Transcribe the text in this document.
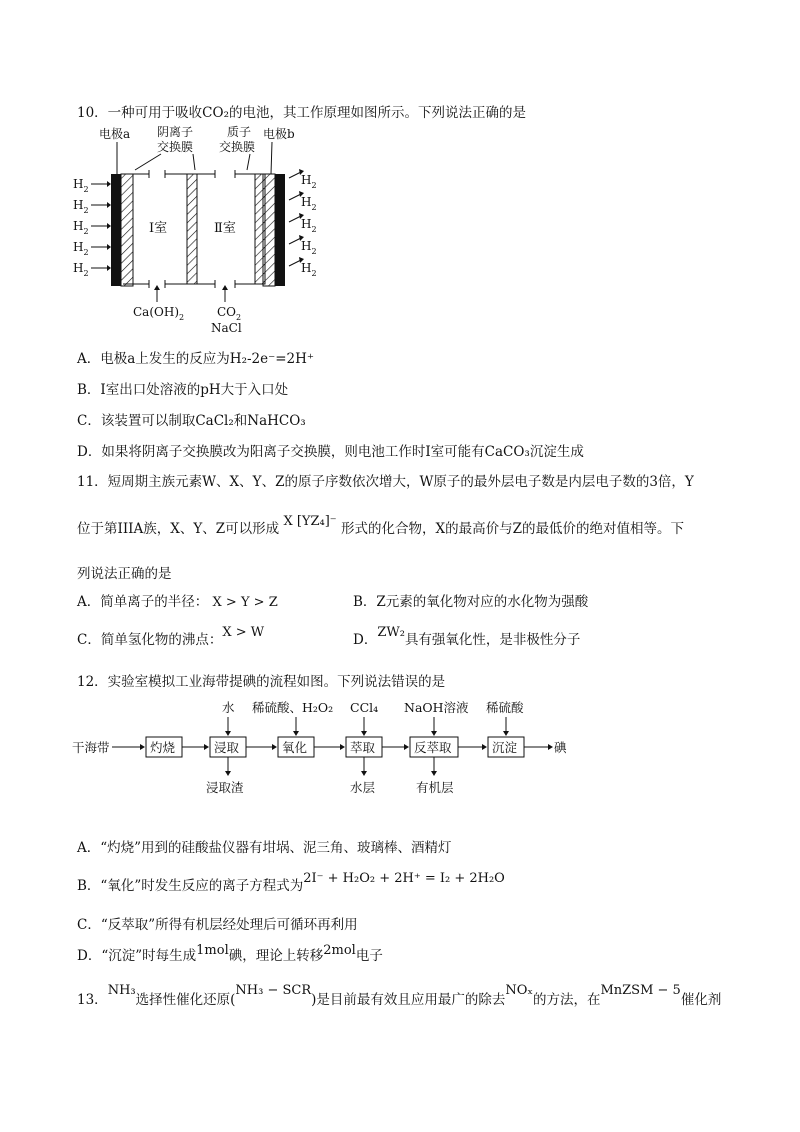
10．一种可用于吸收CO₂的电池，其工作原理如图所示。下列说法正确的是
电极a 阴离子
交换膜
质子
交换膜
电极b
Ⅰ室	Ⅱ室
$H_2$
$H_2$
$H_2$
$H_2$
$H_2$
$H_2$
$H_2$
$H_2$
$H_2$
$H_2$
$Ca(OH)_2$	$CO_2$
NaCl
A．电极a上发生的反应为H₂-2e⁻=2H⁺
B．Ⅰ室出口处溶液的pH大于入口处
C．该装置可以制取CaCl₂和NaHCO₃
D．如果将阴离子交换膜改为阳离子交换膜，则电池工作时Ⅰ室可能有CaCO₃沉淀生成
11．短周期主族元素W、X、Y、Z的原子序数依次增大，W原子的最外层电子数是内层电子数的3倍，Y
位于第IIIA族，X、Y、Z可以形成 X [YZ₄]⁻ 形式的化合物，X的最高价与Z的最低价的绝对值相等。下
列说法正确的是
A．简单离子的半径： X > Y > Z	B．Z元素的氧化物对应的水化物为强酸
C．简单氢化物的沸点：X > W	D．ZW₂具有强氧化性，是非极性分子
12．实验室模拟工业海带提碘的流程如图。下列说法错误的是
干海带	灼烧	浸取	氧化	萃取	反萃取	沉淀	碘
水 稀硫酸、H₂O₂ CCl₄ NaOH溶液 稀硫酸
浸取渣	水层	有机层
A．“灼烧”用到的硅酸盐仪器有坩埚、泥三角、玻璃棒、酒精灯
B．“氧化”时发生反应的离子方程式为2I⁻ + H₂O₂ + 2H⁺ = I₂ + 2H₂O
C．“反萃取”所得有机层经处理后可循环再利用
D．“沉淀”时每生成1mol碘，理论上转移2mol电子
13．NH₃选择性催化还原(NH₃ − SCR)是目前最有效且应用最广的除去NOₓ的方法，在MnZSM − 5催化剂
